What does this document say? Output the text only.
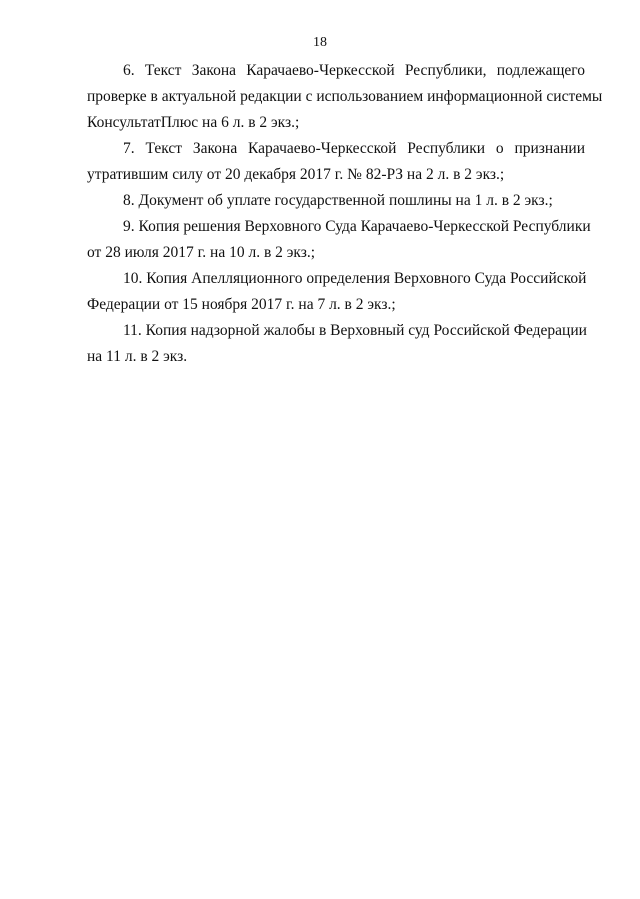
18
6. Текст Закона Карачаево-Черкесской Республики, подлежащего
проверке в актуальной редакции с использованием информационной системы
КонсультатПлюс на 6 л. в 2 экз.;
7. Текст Закона Карачаево-Черкесской Республики о признании
утратившим силу от 20 декабря 2017 г. № 82-РЗ на 2 л. в 2 экз.;
8. Документ об уплате государственной пошлины на 1 л. в 2 экз.;
9. Копия решения Верховного Суда Карачаево-Черкесской Республики
от 28 июля 2017 г. на 10 л. в 2 экз.;
10. Копия Апелляционного определения Верховного Суда Российской
Федерации от 15 ноября 2017 г. на 7 л. в 2 экз.;
11. Копия надзорной жалобы в Верховный суд Российской Федерации
на 11 л. в 2 экз.
